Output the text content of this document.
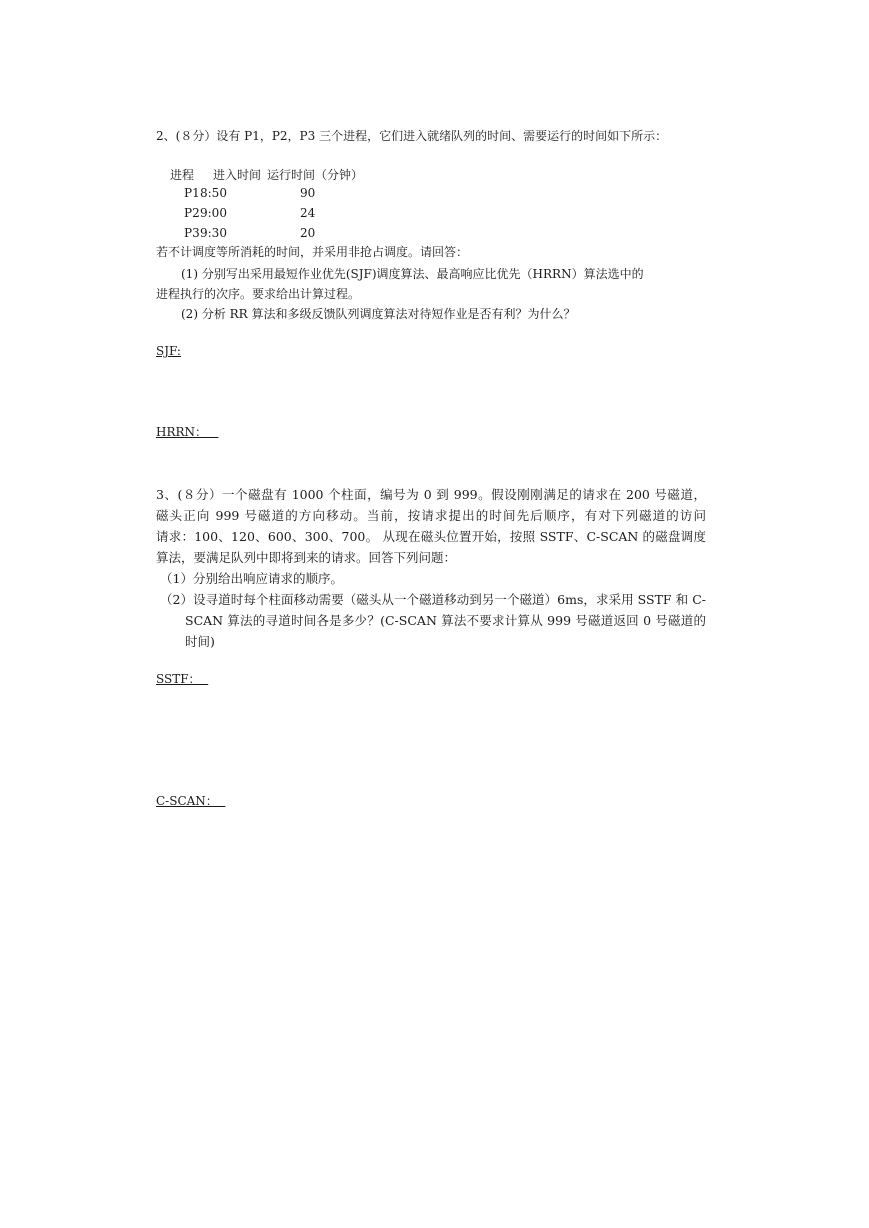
2、(８分）设有 P1，P2，P3 三个进程，它们进入就绪队列的时间、需要运行的时间如下所示：
进程 进入时间 运行时间（分钟）
P1 8:50	90
P2 9:00	24
P3 9:30	20
若不计调度等所消耗的时间，并采用非抢占调度。请回答：
(1) 分别写出采用最短作业优先(SJF)调度算法、最高响应比优先（HRRN）算法选中的
进程执行的次序。要求给出计算过程。
(2) 分析 RR 算法和多级反馈队列调度算法对待短作业是否有利？为什么？
SJF:
HRRN：

3、(８分）一个磁盘有 1000 个柱面，编号为 0 到 999。假设刚刚满足的请求在 200 号磁道，

磁头正向 999 号磁道的方向移动。当前，按请求提出的时间先后顺序，有对下列磁道的访问

请求：100、120、600、300、700。 从现在磁头位置开始，按照 SSTF、C-SCAN 的磁盘调度

算法，要满足队列中即将到来的请求。回答下列问题：

（1）分别给出响应请求的顺序。

（2）设寻道时每个柱面移动需要（磁头从一个磁道移动到另一个磁道）6ms，求采用 SSTF 和 C-SCAN 算法的寻道时间各是多少？(C-SCAN 算法不要求计算从 999 号磁道返回 0 号磁道的时间)

SSTF：
C-SCAN：
